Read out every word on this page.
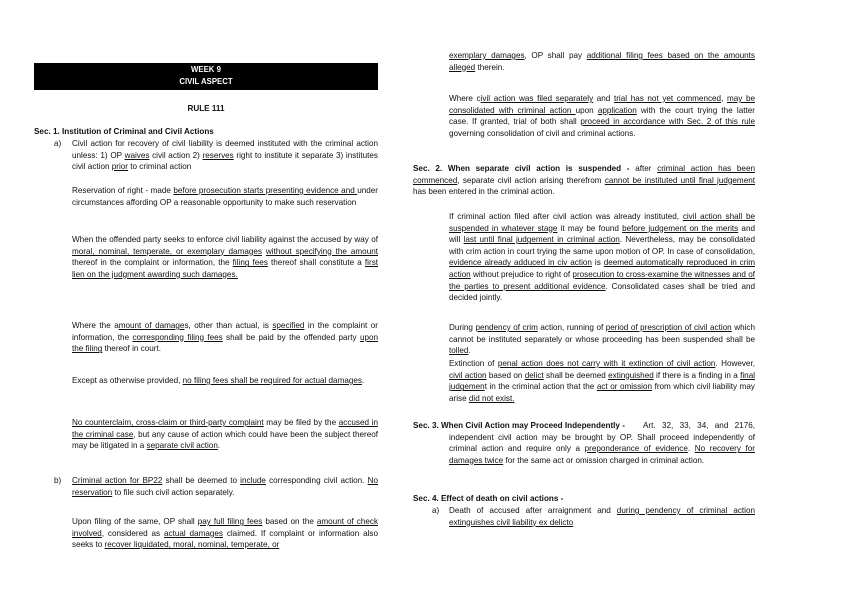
WEEK 9
CIVIL ASPECT
RULE 111
Sec. 1. Institution of Criminal and Civil Actions
a) Civil action for recovery of civil liability is deemed instituted with the criminal action unless: 1) OP waives civil action 2) reserves right to institute it separate 3) institutes civil action prior to criminal action
Reservation of right - made before prosecution starts presenting evidence and under circumstances affording OP a reasonable opportunity to make such reservation
When the offended party seeks to enforce civil liability against the accused by way of moral, nominal, temperate, or exemplary damages without specifying the amount thereof in the complaint or information, the filing fees thereof shall constitute a first lien on the judgment awarding such damages.
Where the amount of damages, other than actual, is specified in the complaint or information, the corresponding filing fees shall be paid by the offended party upon the filing thereof in court.
Except as otherwise provided, no filing fees shall be required for actual damages.
No counterclaim, cross-claim or third-party complaint may be filed by the accused in the criminal case, but any cause of action which could have been the subject thereof may be litigated in a separate civil action.
b) Criminal action for BP22 shall be deemed to include corresponding civil action. No reservation to file such civil action separately.
Upon filing of the same, OP shall pay full filing fees based on the amount of check involved, considered as actual damages claimed. If complaint or information also seeks to recover liquidated, moral, nominal, temperate, or
exemplary damages, OP shall pay additional filing fees based on the amounts alleged therein.
Where civil action was filed separately and trial has not yet commenced, may be consolidated with criminal action upon application with the court trying the latter case. If granted, trial of both shall proceed in accordance with Sec. 2 of this rule governing consolidation of civil and criminal actions.
Sec. 2. When separate civil action is suspended - after criminal action has been commenced, separate civil action arising therefrom cannot be instituted until final judgement has been entered in the criminal action.
If criminal action filed after civil action was already instituted, civil action shall be suspended in whatever stage it may be found before judgement on the merits and will last until final judgement in criminal action. Nevertheless, may be consolidated with crim action in court trying the same upon motion of OP. In case of consolidation, evidence already adduced in civ action is deemed automatically reproduced in crim action without prejudice to right of prosecution to cross-examine the witnesses and of the parties to present additional evidence. Consolidated cases shall be tried and decided jointly.
During pendency of crim action, running of period of prescription of civil action which cannot be instituted separately or whose proceeding has been suspended shall be tolled.
Extinction of penal action does not carry with it extinction of civil action. However, civil action based on delict shall be deemed extinguished if there is a finding in a final judgement in the criminal action that the act or omission from which civil liability may arise did not exist.
Sec. 3. When Civil Action may Proceed Independently -	Art. 32, 33, 34, and 2176, independent civil action may be brought by OP. Shall proceed independently of criminal action and require only a preponderance of evidence. No recovery for damages twice for the same act or omission charged in criminal action.
Sec. 4. Effect of death on civil actions -
a) Death of accused after arraignment and during pendency of criminal action extinguishes civil liability ex delicto
